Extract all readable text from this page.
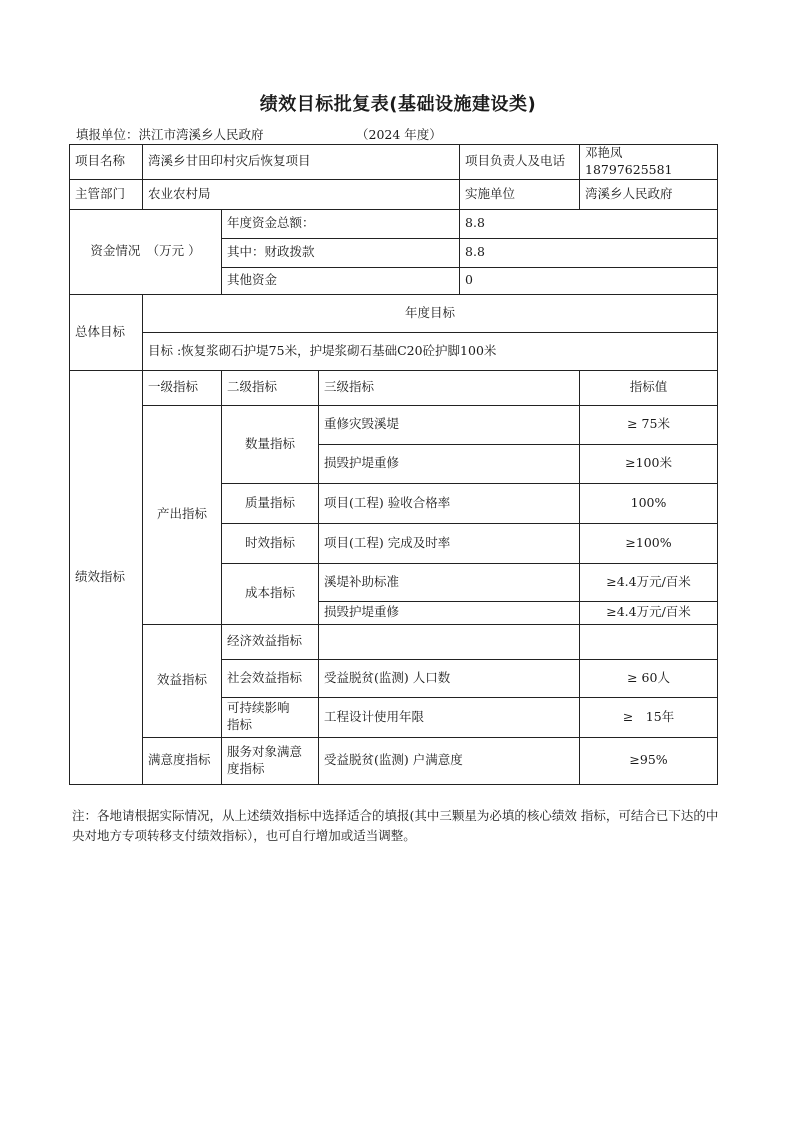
绩效目标批复表(基础设施建设类)
填报单位：洪江市湾溪乡人民政府	（2024 年度）
项目名称	湾溪乡甘田印村灾后恢复项目			项目负责人及电话	邓艳凤 18797625581
主管部门	农业农村局			实施单位	湾溪乡人民政府
资金情况　（万元 ）		年度资金总额：		8.8	
		其中：财政拨款		8.8	
		其他资金		0	
总体目标	年度目标				
	目标 :恢复浆砌石护堤75米，护堤浆砌石基础C20砼护脚100米				
绩效指标	一级指标	二级指标	三级指标		指标值
	产出指标	数量指标	重修灾毁溪堤		≥ 75米
			损毁护堤重修		≥100米
		质量指标	项目(工程) 验收合格率		100%
		时效指标	项目(工程) 完成及时率		≥100%
		成本指标	溪堤补助标准		≥4.4万元/百米
			损毁护堤重修		≥4.4万元/百米
	效益指标	经济效益指标			
		社会效益指标	受益脱贫(监测) 人口数		≥ 60人
		可持续影响　指标	工程设计使用年限		≥　15年
	满意度指标	服务对象满意度指标	受益脱贫(监测) 户满意度		≥95%
注：各地请根据实际情况，从上述绩效指标中选择适合的填报(其中三颗星为必填的核心绩效 指标，可结合已下达的中央对地方专项转移支付绩效指标），也可自行增加或适当调整。
